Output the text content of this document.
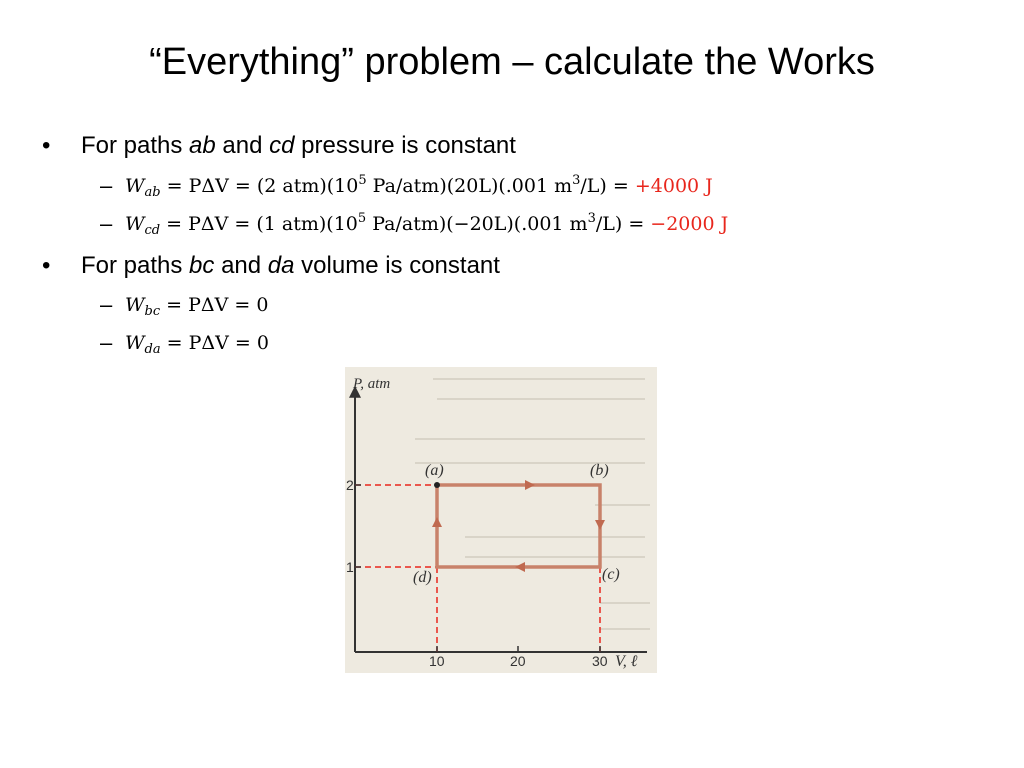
“Everything” problem – calculate the Works
• For paths ab and cd pressure is constant
– $W_{ab} = P\Delta V = (2$ $atm)(10^5$ Pa/atm)(20L)(.001 $m^3/L) = +4000$ J
– $W_{cd} = P\Delta V = (1$ $atm)(10^5$ Pa/atm)(−20L)(.001 $m^3/L) = -2000$ J
• For paths bc and da volume is constant
– $W_{bc} = P\Delta V = 0$
– $W_{da} = P\Delta V = 0$
P, atm
V, ℓ
2
1
10	20	30
(a)	(b)
(c)
(d)
